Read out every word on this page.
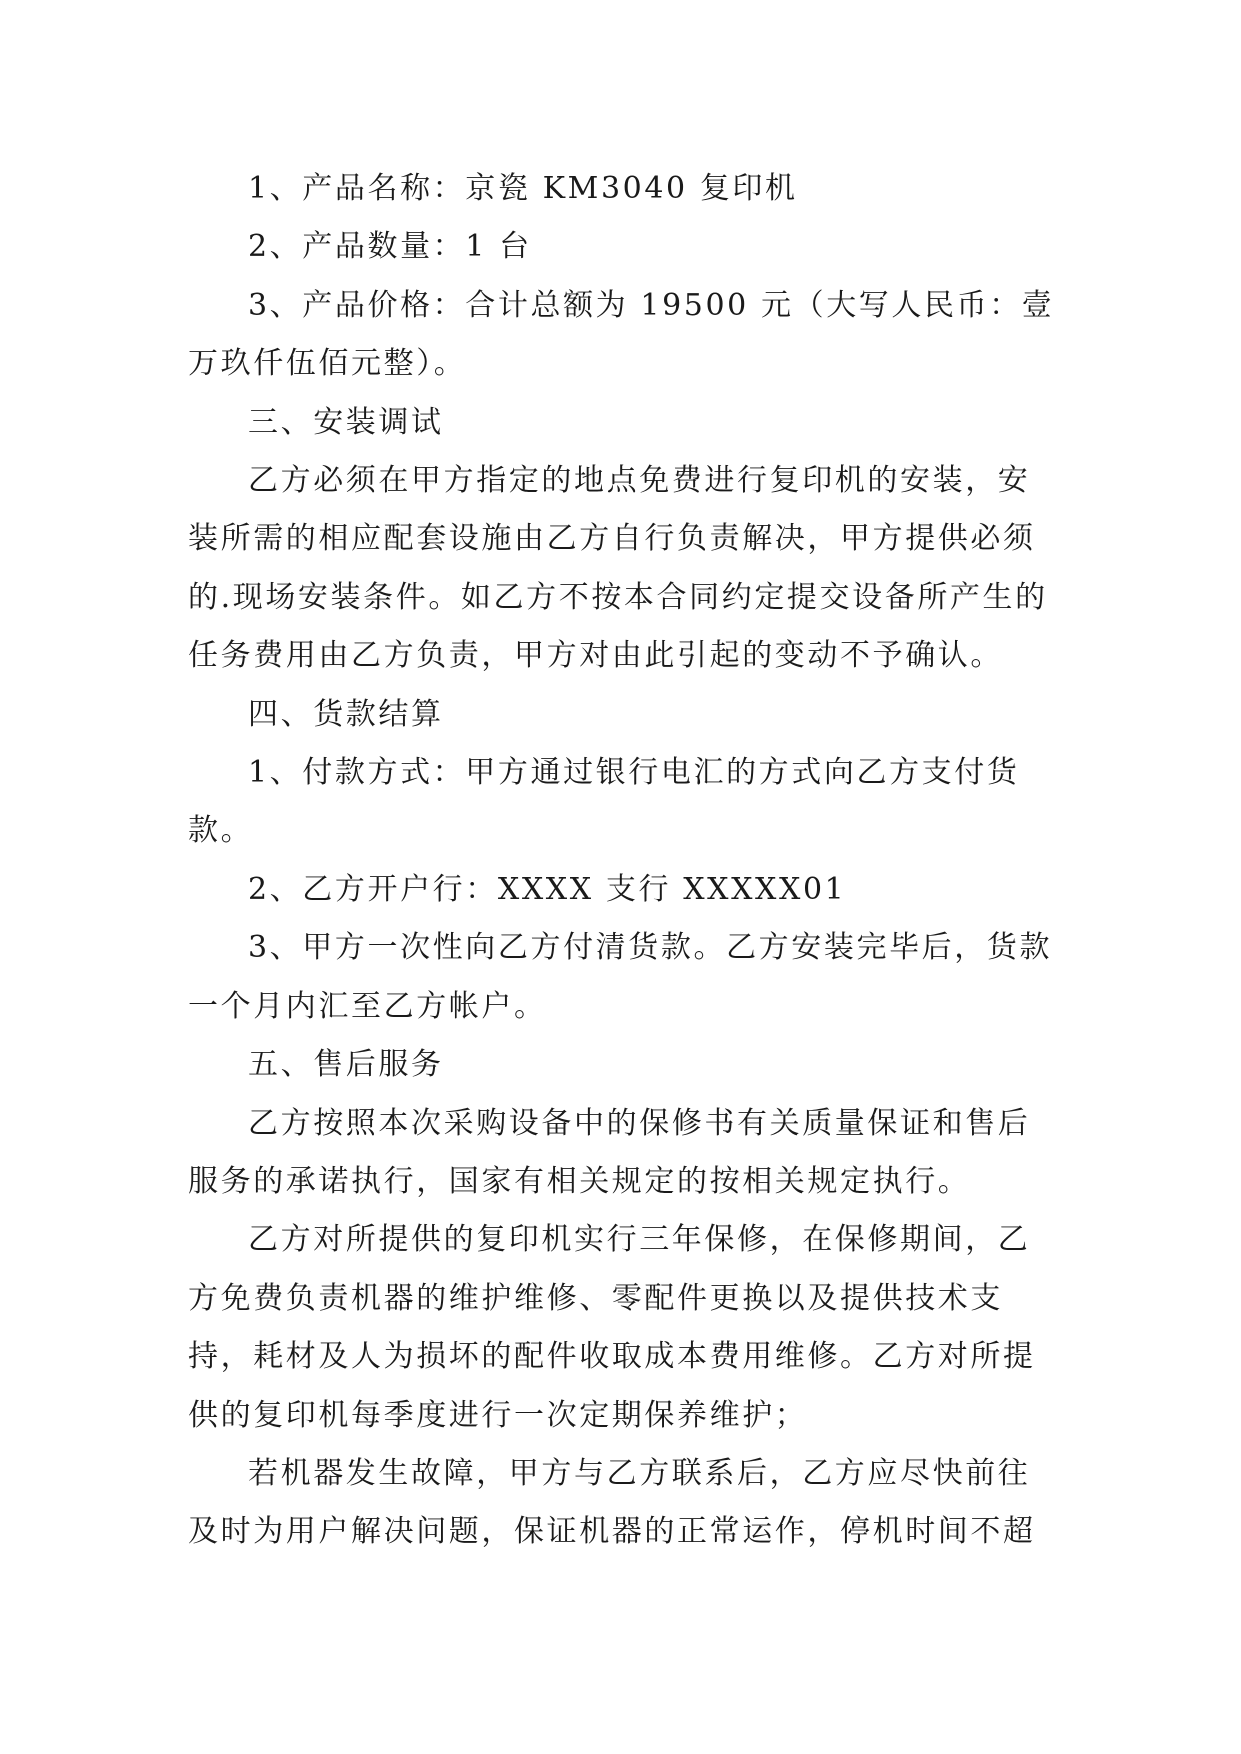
1、产品名称：京瓷 KM3040 复印机

2、产品数量：1 台

3、产品价格：合计总额为 19500 元（大写人民币：壹万玖仟伍佰元整）。

三、安装调试

乙方必须在甲方指定的地点免费进行复印机的安装，安装所需的相应配套设施由乙方自行负责解决，甲方提供必须的.现场安装条件。如乙方不按本合同约定提交设备所产生的任务费用由乙方负责，甲方对由此引起的变动不予确认。

四、货款结算

1、付款方式：甲方通过银行电汇的方式向乙方支付货款。

2、乙方开户行：XXXX 支行 XXXXX01

3、甲方一次性向乙方付清货款。乙方安装完毕后，货款一个月内汇至乙方帐户。

五、售后服务

乙方按照本次采购设备中的保修书有关质量保证和售后服务的承诺执行，国家有相关规定的按相关规定执行。

乙方对所提供的复印机实行三年保修，在保修期间，乙方免费负责机器的维护维修、零配件更换以及提供技术支持，耗材及人为损坏的配件收取成本费用维修。乙方对所提供的复印机每季度进行一次定期保养维护；

若机器发生故障，甲方与乙方联系后，乙方应尽快前往及时为用户解决问题，保证机器的正常运作，停机时间不超
